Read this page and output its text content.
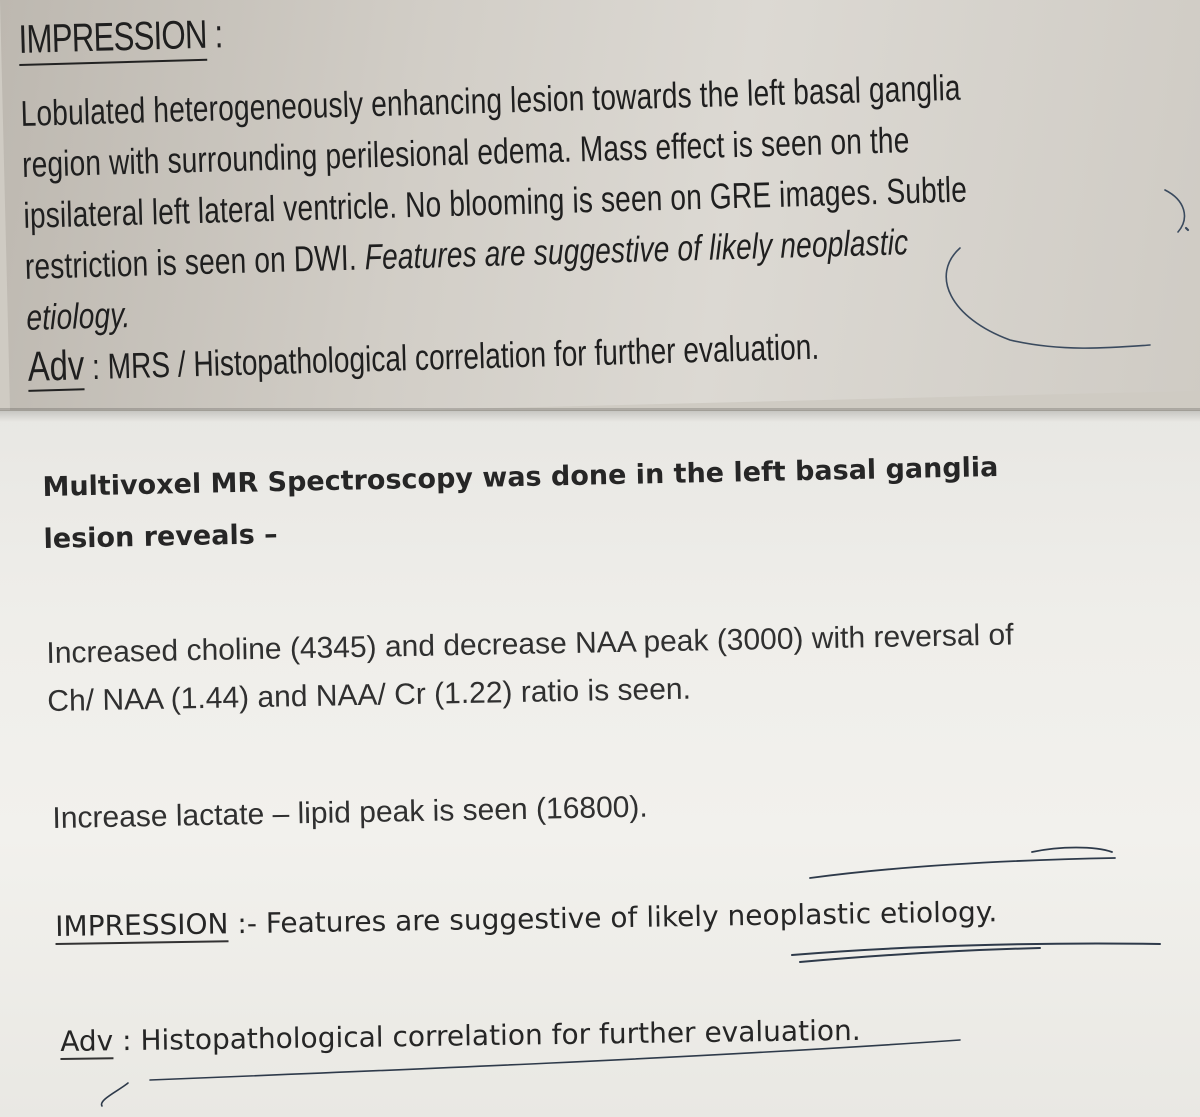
IMPRESSION :
Lobulated heterogeneously enhancing lesion towards the left basal ganglia
region with surrounding perilesional edema. Mass effect is seen on the
ipsilateral left lateral ventricle. No blooming is seen on GRE images. Subtle
restriction is seen on DWI. Features are suggestive of likely neoplastic
etiology.
Adv : MRS / Histopathological correlation for further evaluation.
Multivoxel MR Spectroscopy was done in the left basal ganglia
lesion reveals –
Increased choline (4345) and decrease NAA peak (3000) with reversal of
Ch/ NAA (1.44) and NAA/ Cr (1.22) ratio is seen.
Increase lactate – lipid peak is seen (16800).
IMPRESSION :- Features are suggestive of likely neoplastic etiology.
Adv : Histopathological correlation for further evaluation.
